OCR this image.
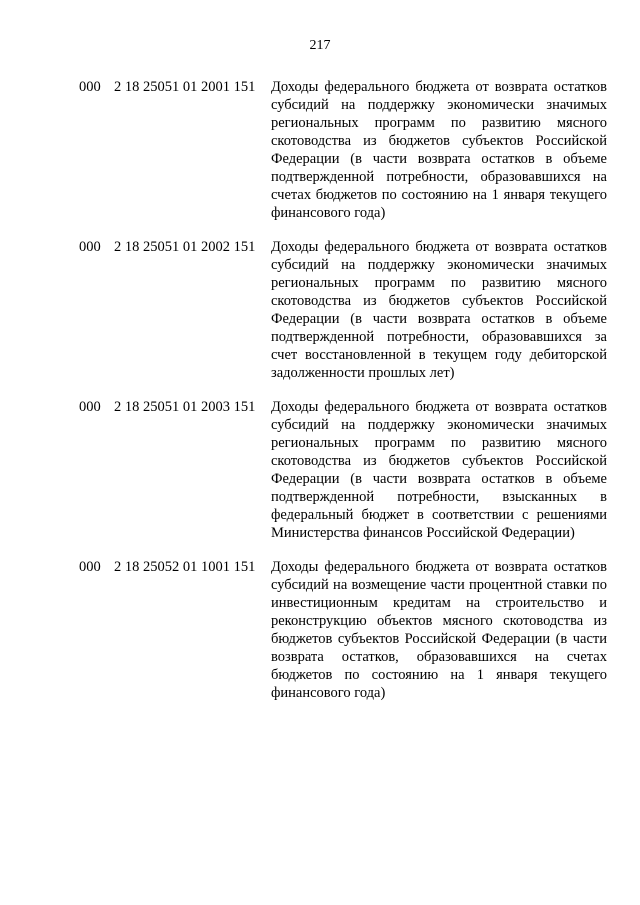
217
000 2 18 25051 01 2001 151 Доходы федерального бюджета от возврата остатков субсидий на поддержку экономически значимых региональных программ по развитию мясного скотоводства из бюджетов субъектов Российской Федерации (в части возврата остатков в объеме подтвержденной потребности, образовавшихся на счетах бюджетов по состоянию на 1 января текущего финансового года)
000 2 18 25051 01 2002 151 Доходы федерального бюджета от возврата остатков субсидий на поддержку экономически значимых региональных программ по развитию мясного скотоводства из бюджетов субъектов Российской Федерации (в части возврата остатков в объеме подтвержденной потребности, образовавшихся за счет восстановленной в текущем году дебиторской задолженности прошлых лет)
000 2 18 25051 01 2003 151 Доходы федерального бюджета от возврата остатков субсидий на поддержку экономически значимых региональных программ по развитию мясного скотоводства из бюджетов субъектов Российской Федерации (в части возврата остатков в объеме подтвержденной потребности, взысканных в федеральный бюджет в соответствии с решениями Министерства финансов Российской Федерации)
000 2 18 25052 01 1001 151 Доходы федерального бюджета от возврата остатков субсидий на возмещение части процентной ставки по инвестиционным кредитам на строительство и реконструкцию объектов мясного скотоводства из бюджетов субъектов Российской Федерации (в части возврата остатков, образовавшихся на счетах бюджетов по состоянию на 1 января текущего финансового года)
